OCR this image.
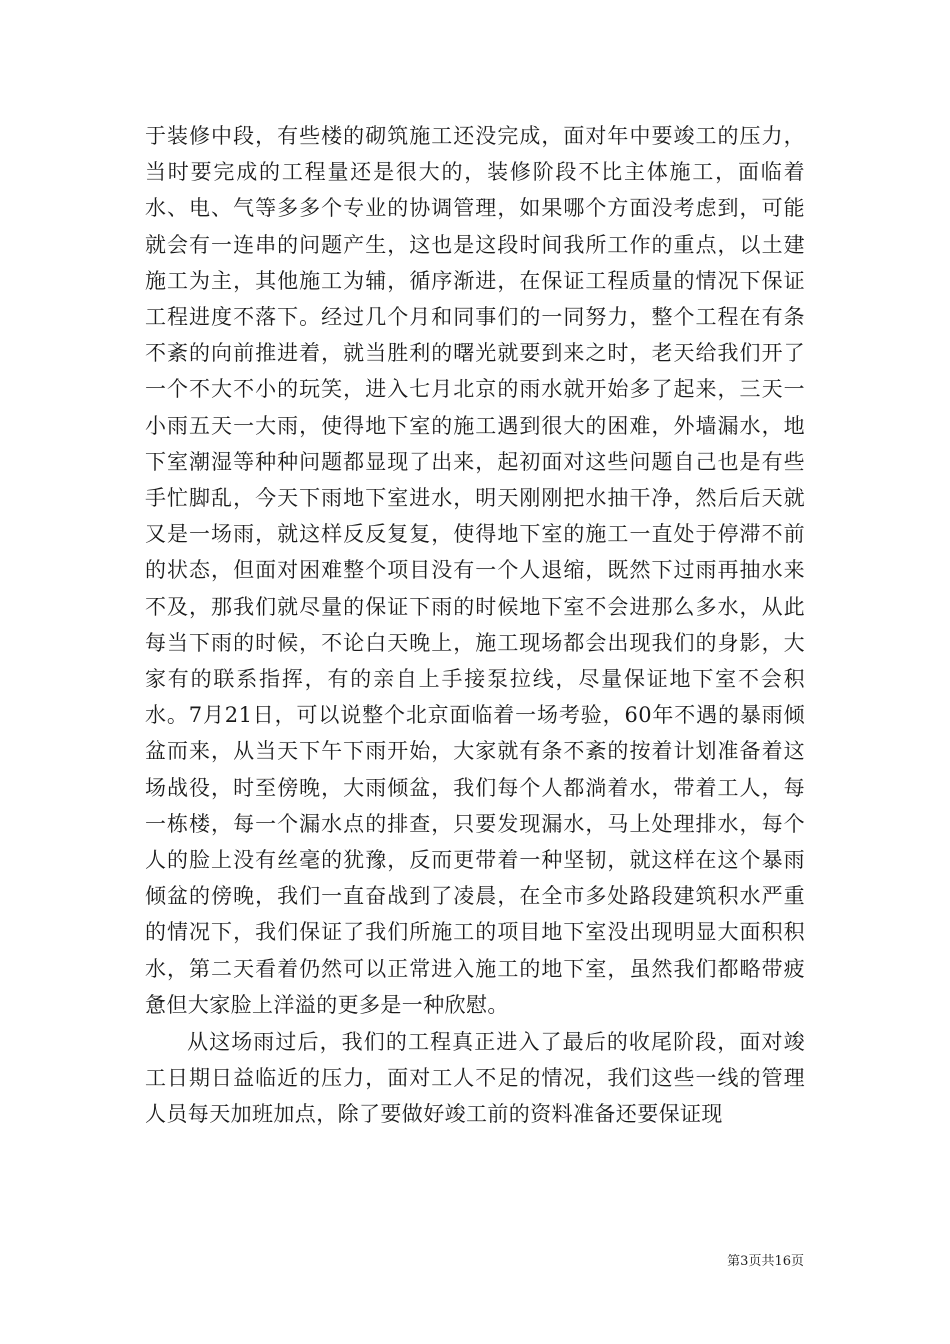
于装修中段，有些楼的砌筑施工还没完成，面对年中要竣工的压力，当时要完成的工程量还是很大的，装修阶段不比主体施工，面临着水、电、气等多多个专业的协调管理，如果哪个方面没考虑到，可能就会有一连串的问题产生，这也是这段时间我所工作的重点，以土建施工为主，其他施工为辅，循序渐进，在保证工程质量的情况下保证工程进度不落下。经过几个月和同事们的一同努力，整个工程在有条不紊的向前推进着，就当胜利的曙光就要到来之时，老天给我们开了一个不大不小的玩笑，进入七月北京的雨水就开始多了起来，三天一小雨五天一大雨，使得地下室的施工遇到很大的困难，外墙漏水，地下室潮湿等种种问题都显现了出来，起初面对这些问题自己也是有些手忙脚乱，今天下雨地下室进水，明天刚刚把水抽干净，然后后天就又是一场雨，就这样反反复复，使得地下室的施工一直处于停滞不前的状态，但面对困难整个项目没有一个人退缩，既然下过雨再抽水来不及，那我们就尽量的保证下雨的时候地下室不会进那么多水，从此每当下雨的时候，不论白天晚上，施工现场都会出现我们的身影，大家有的联系指挥，有的亲自上手接泵拉线，尽量保证地下室不会积水。7月21日，可以说整个北京面临着一场考验，60年不遇的暴雨倾盆而来，从当天下午下雨开始，大家就有条不紊的按着计划准备着这场战役，时至傍晚，大雨倾盆，我们每个人都淌着水，带着工人，每一栋楼，每一个漏水点的排查，只要发现漏水，马上处理排水，每个人的脸上没有丝毫的犹豫，反而更带着一种坚韧，就这样在这个暴雨倾盆的傍晚，我们一直奋战到了凌晨，在全市多处路段建筑积水严重的情况下，我们保证了我们所施工的项目地下室没出现明显大面积积水，第二天看着仍然可以正常进入施工的地下室，虽然我们都略带疲惫但大家脸上洋溢的更多是一种欣慰。

从这场雨过后，我们的工程真正进入了最后的收尾阶段，面对竣工日期日益临近的压力，面对工人不足的情况，我们这些一线的管理人员每天加班加点，除了要做好竣工前的资料准备还要保证现

第3页共16页
